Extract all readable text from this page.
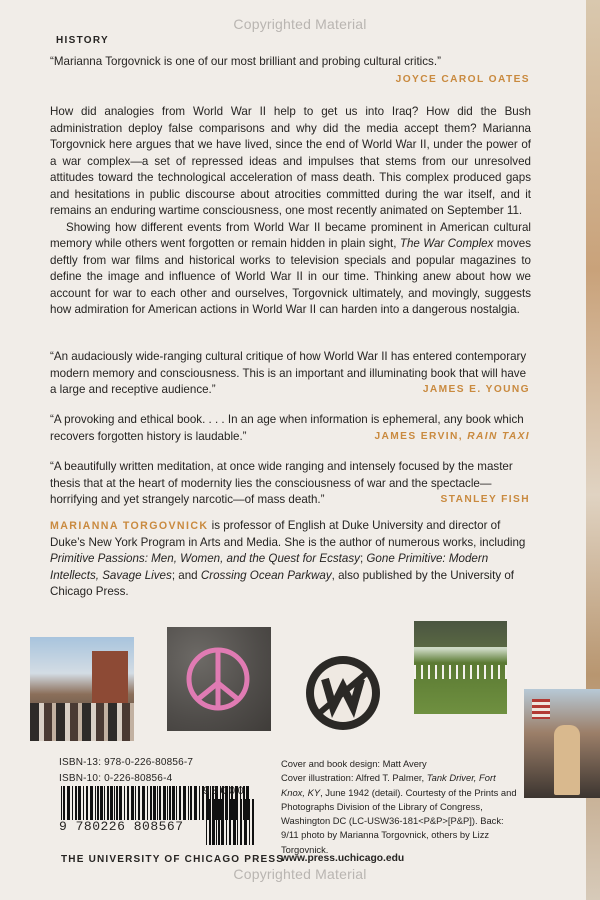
Copyrighted Material
HISTORY
“Marianna Torgovnick is one of our most brilliant and probing cultural critics.”
JOYCE CAROL OATES

How did analogies from World War II help to get us into Iraq? How did the Bush administration deploy false comparisons and why did the media accept them? Marianna Torgovnick here argues that we have lived, since the end of World War II, under the power of a war complex—a set of repressed ideas and impulses that stems from our unresolved attitudes toward the technological acceleration of mass death. This complex produced gaps and hesitations in public discourse about atrocities committed during the war itself, and it remains an enduring wartime consciousness, one most recently animated on September 11.

Showing how different events from World War II became prominent in American cultural memory while others went forgotten or remain hidden in plain sight, The War Complex moves deftly from war films and historical works to television specials and popular magazines to define the image and influence of World War II in our time. Thinking anew about how we account for war to each other and ourselves, Torgovnick ultimately, and movingly, suggests how admiration for American actions in World War II can harden into a dangerous nostalgia.

“An audaciously wide-ranging cultural critique of how World War II has entered contemporary modern memory and consciousness. This is an important and illuminating book that will have a large and receptive audience.”	JAMES E. YOUNG
“A provoking and ethical book. . . . In an age when information is ephemeral, any book which recovers forgotten history is laudable.”	JAMES ERVIN, RAIN TAXI
“A beautifully written meditation, at once wide ranging and intensely focused by the master thesis that at the heart of modernity lies the consciousness of war and the spectacle—horrifying and yet strangely narcotic—of mass death.”	STANLEY FISH
MARIANNA TORGOVNICK is professor of English at Duke University and director of Duke’s New York Program in Arts and Media. She is the author of numerous works, including Primitive Passions: Men, Women, and the Quest for Ecstasy; Gone Primitive: Modern Intellects, Savage Lives; and Crossing Ocean Parkway, also published by the University of Chicago Press.
ISBN-13: 978-0-226-80856-7
ISBN-10: 0-226-80856-4
9 780226 808567
90000
Cover and book design: Matt Avery
Cover illustration: Alfred T. Palmer, Tank Driver, Fort Knox, KY, June 1942 (detail). Courtesty of the Prints and Photographs Division of the Library of Congress, Washington DC (LC-USW36-181<P&P>[P&P]). Back: 9/11 photo by Marianna Torgovnick, others by Lizz Torgovnick.
THE UNIVERSITY OF CHICAGO PRESS
www.press.uchicago.edu
Copyrighted Material
